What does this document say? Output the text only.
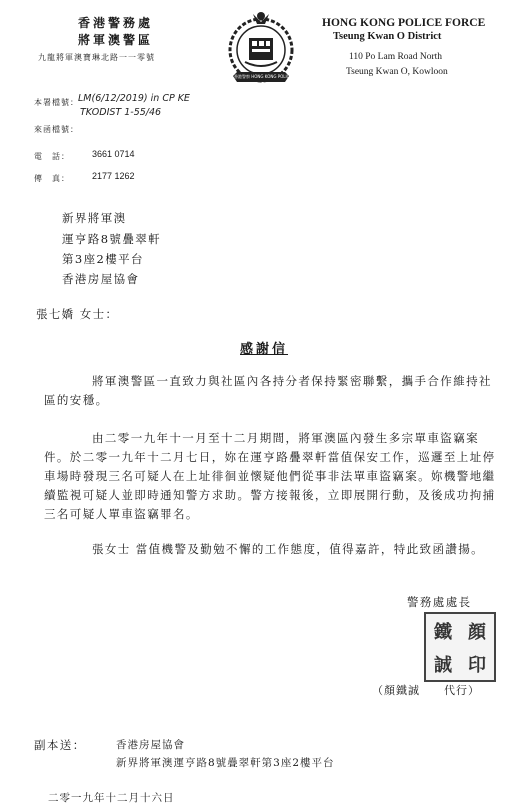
香港警務處
將軍澳警區
九龍將軍澳寶琳北路一一零號
香港警察 HONG KONG POLICE
HONG KONG POLICE FORCE
Tseung Kwan O District
110 Po Lam Road North
Tseung Kwan O, Kowloon
本署檔號： LM(6/12/2019) in CP KE
TKODIST 1-55/46
來函檔號：
電　話： 3661 0714
傳　真： 2177 1262
新界將軍澳
運亨路8號疊翠軒
第3座2樓平台
香港房屋協會
張七嬌 女士：
感謝信
將軍澳警區一直致力與社區內各持分者保持緊密聯繫，攜手合作維持社區的安穩。
由二零一九年十一月至十二月期間，將軍澳區內發生多宗單車盜竊案件。於二零一九年十二月七日，妳在運亨路疊翠軒當值保安工作，巡邏至上址停車場時發現三名可疑人在上址徘徊並懷疑他們從事非法單車盜竊案。妳機警地繼續監視可疑人並即時通知警方求助。警方接報後，立即展開行動，及後成功拘捕三名可疑人單車盜竊罪名。
張女士 當值機警及勤勉不懈的工作態度，值得嘉許，特此致函讚揚。
警務處處長
鐵 顔
誠 印
（顏鐵誠　　代行）
副本送：	香港房屋協會
新界將軍澳運亨路8號疊翠軒第3座2樓平台
二零一九年十二月十六日
